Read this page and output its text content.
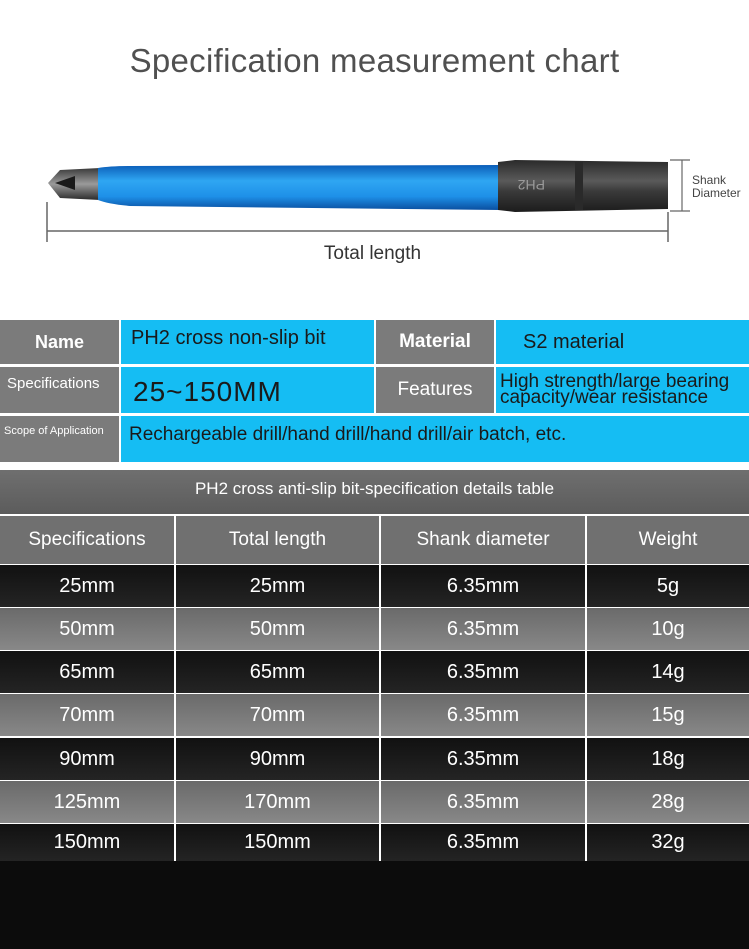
Specification measurement chart
PH2
Total length
Shank
Diameter
Name	PH2 cross non-slip bit	Material	S2 material
Specifications	25~150MM	Features	High strength/large bearing
capacity/wear resistance
Scope of Application	Rechargeable drill/hand drill/hand drill/air batch, etc.
PH2 cross anti-slip bit-specification details table
Specifications	Total length	Shank diameter	Weight
25mm	25mm	6.35mm	5g
50mm	50mm	6.35mm	10g
65mm	65mm	6.35mm	14g
70mm	70mm	6.35mm	15g
90mm	90mm	6.35mm	18g
125mm	170mm	6.35mm	28g
150mm	150mm	6.35mm	32g
